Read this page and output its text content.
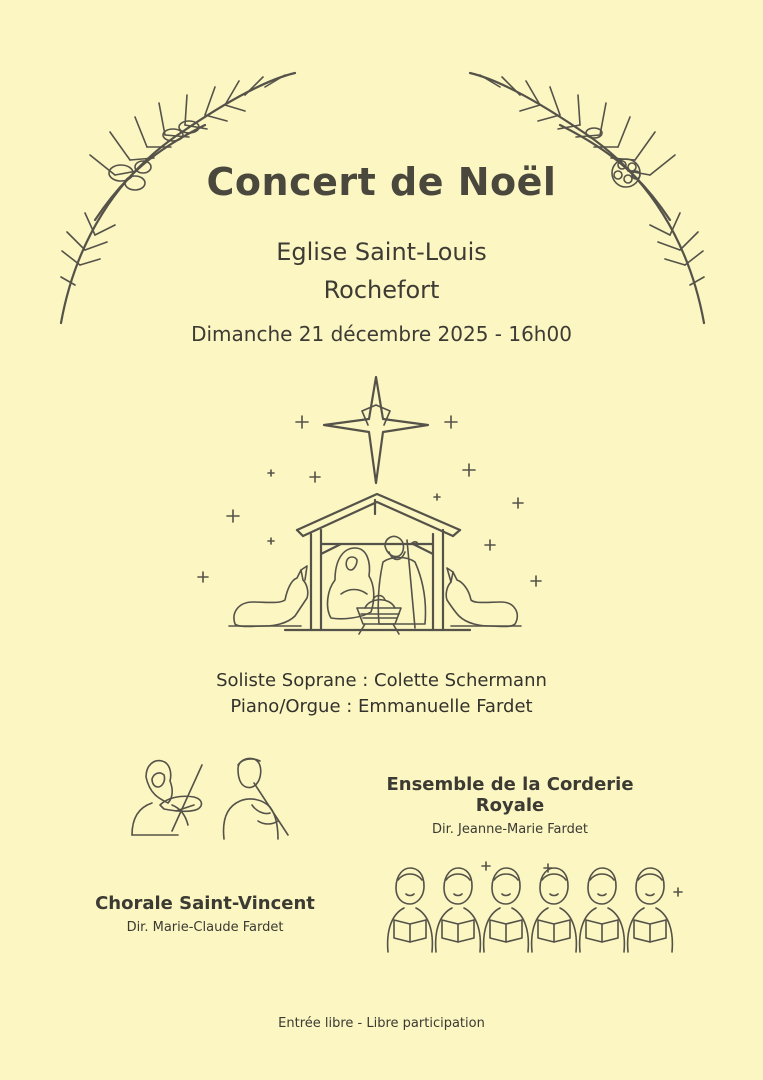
Concert de Noël
Eglise Saint-Louis
Rochefort
Dimanche 21 décembre 2025 - 16h00
Soliste Soprane : Colette Schermann
Piano/Orgue : Emmanuelle Fardet
Ensemble de la Corderie Royale
Dir. Jeanne-Marie Fardet
Chorale Saint-Vincent
Dir. Marie-Claude Fardet
Entrée libre - Libre participation
